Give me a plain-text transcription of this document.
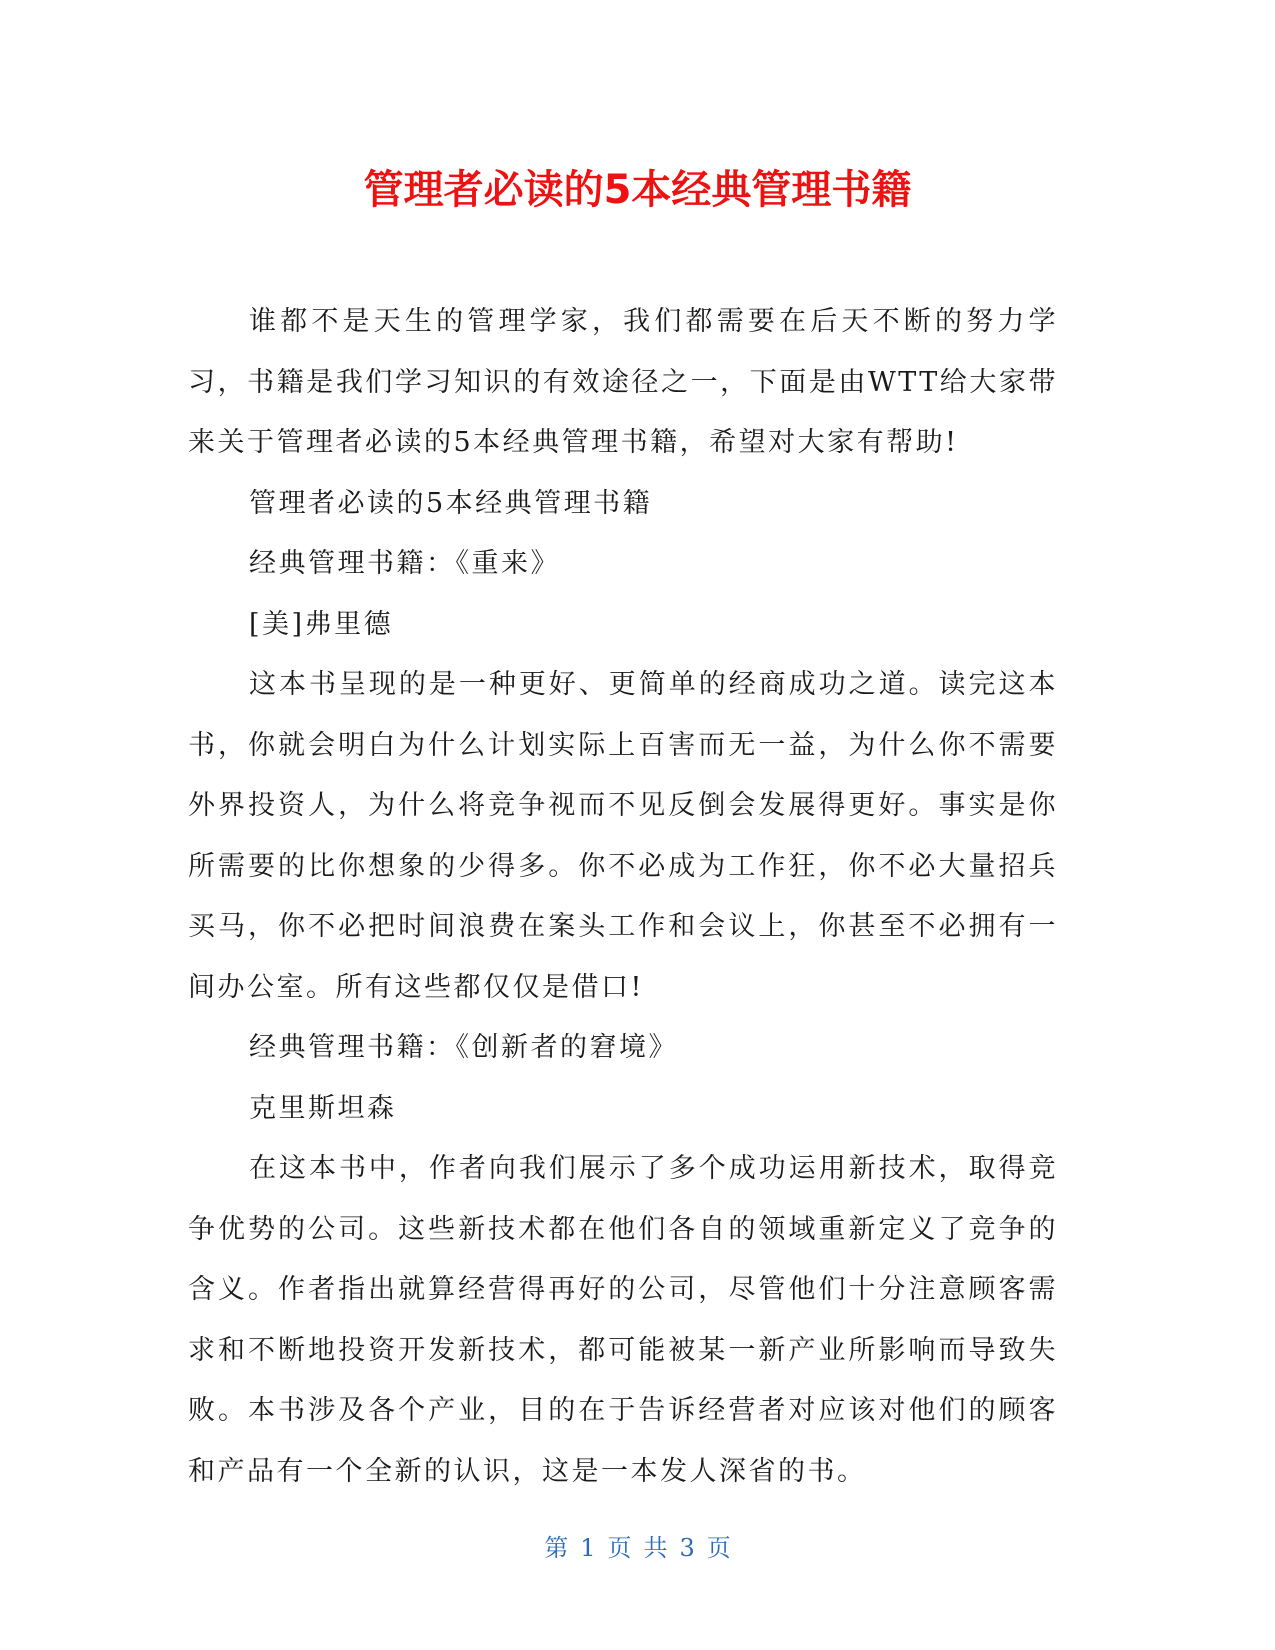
管理者必读的5本经典管理书籍

谁都不是天生的管理学家，我们都需要在后天不断的努力学习，书籍是我们学习知识的有效途径之一，下面是由WTT给大家带来关于管理者必读的5本经典管理书籍，希望对大家有帮助!

管理者必读的5本经典管理书籍

经典管理书籍：《重来》

[美]弗里德

这本书呈现的是一种更好、更简单的经商成功之道。读完这本书，你就会明白为什么计划实际上百害而无一益，为什么你不需要外界投资人，为什么将竞争视而不见反倒会发展得更好。事实是你所需要的比你想象的少得多。你不必成为工作狂，你不必大量招兵买马，你不必把时间浪费在案头工作和会议上，你甚至不必拥有一间办公室。所有这些都仅仅是借口!

经典管理书籍：《创新者的窘境》

克里斯坦森

在这本书中，作者向我们展示了多个成功运用新技术，取得竞争优势的公司。这些新技术都在他们各自的领域重新定义了竞争的含义。作者指出就算经营得再好的公司，尽管他们十分注意顾客需求和不断地投资开发新技术，都可能被某一新产业所影响而导致失败。本书涉及各个产业，目的在于告诉经营者对应该对他们的顾客和产品有一个全新的认识，这是一本发人深省的书。

第 1 页 共 3 页
